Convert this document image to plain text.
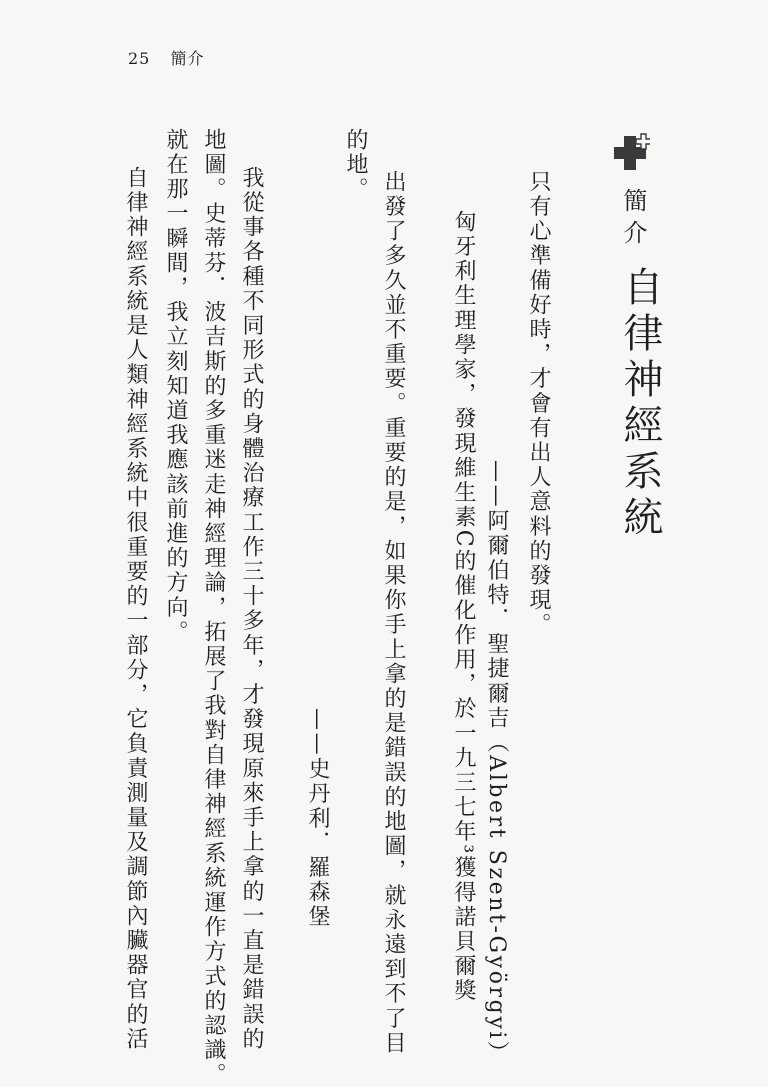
25 簡介
簡介
自律神經系統
只有心準備好時，才會有出人意料的發現。
——阿爾伯特．聖捷爾吉（Albert Szent-Györgyi）
匈牙利生理學家，發現維生素C的催化作用，於一九三七年³獲得諾貝爾獎
出發了多久並不重要。重要的是，如果你手上拿的是錯誤的地圖，就永遠到不了目
的地。
——史丹利．羅森堡
我從事各種不同形式的身體治療工作三十多年，才發現原來手上拿的一直是錯誤的
地圖。史蒂芬．波吉斯的多重迷走神經理論，拓展了我對自律神經系統運作方式的認識。
就在那一瞬間，我立刻知道我應該前進的方向。
自律神經系統是人類神經系統中很重要的一部分，它負責測量及調節內臟器官的活
